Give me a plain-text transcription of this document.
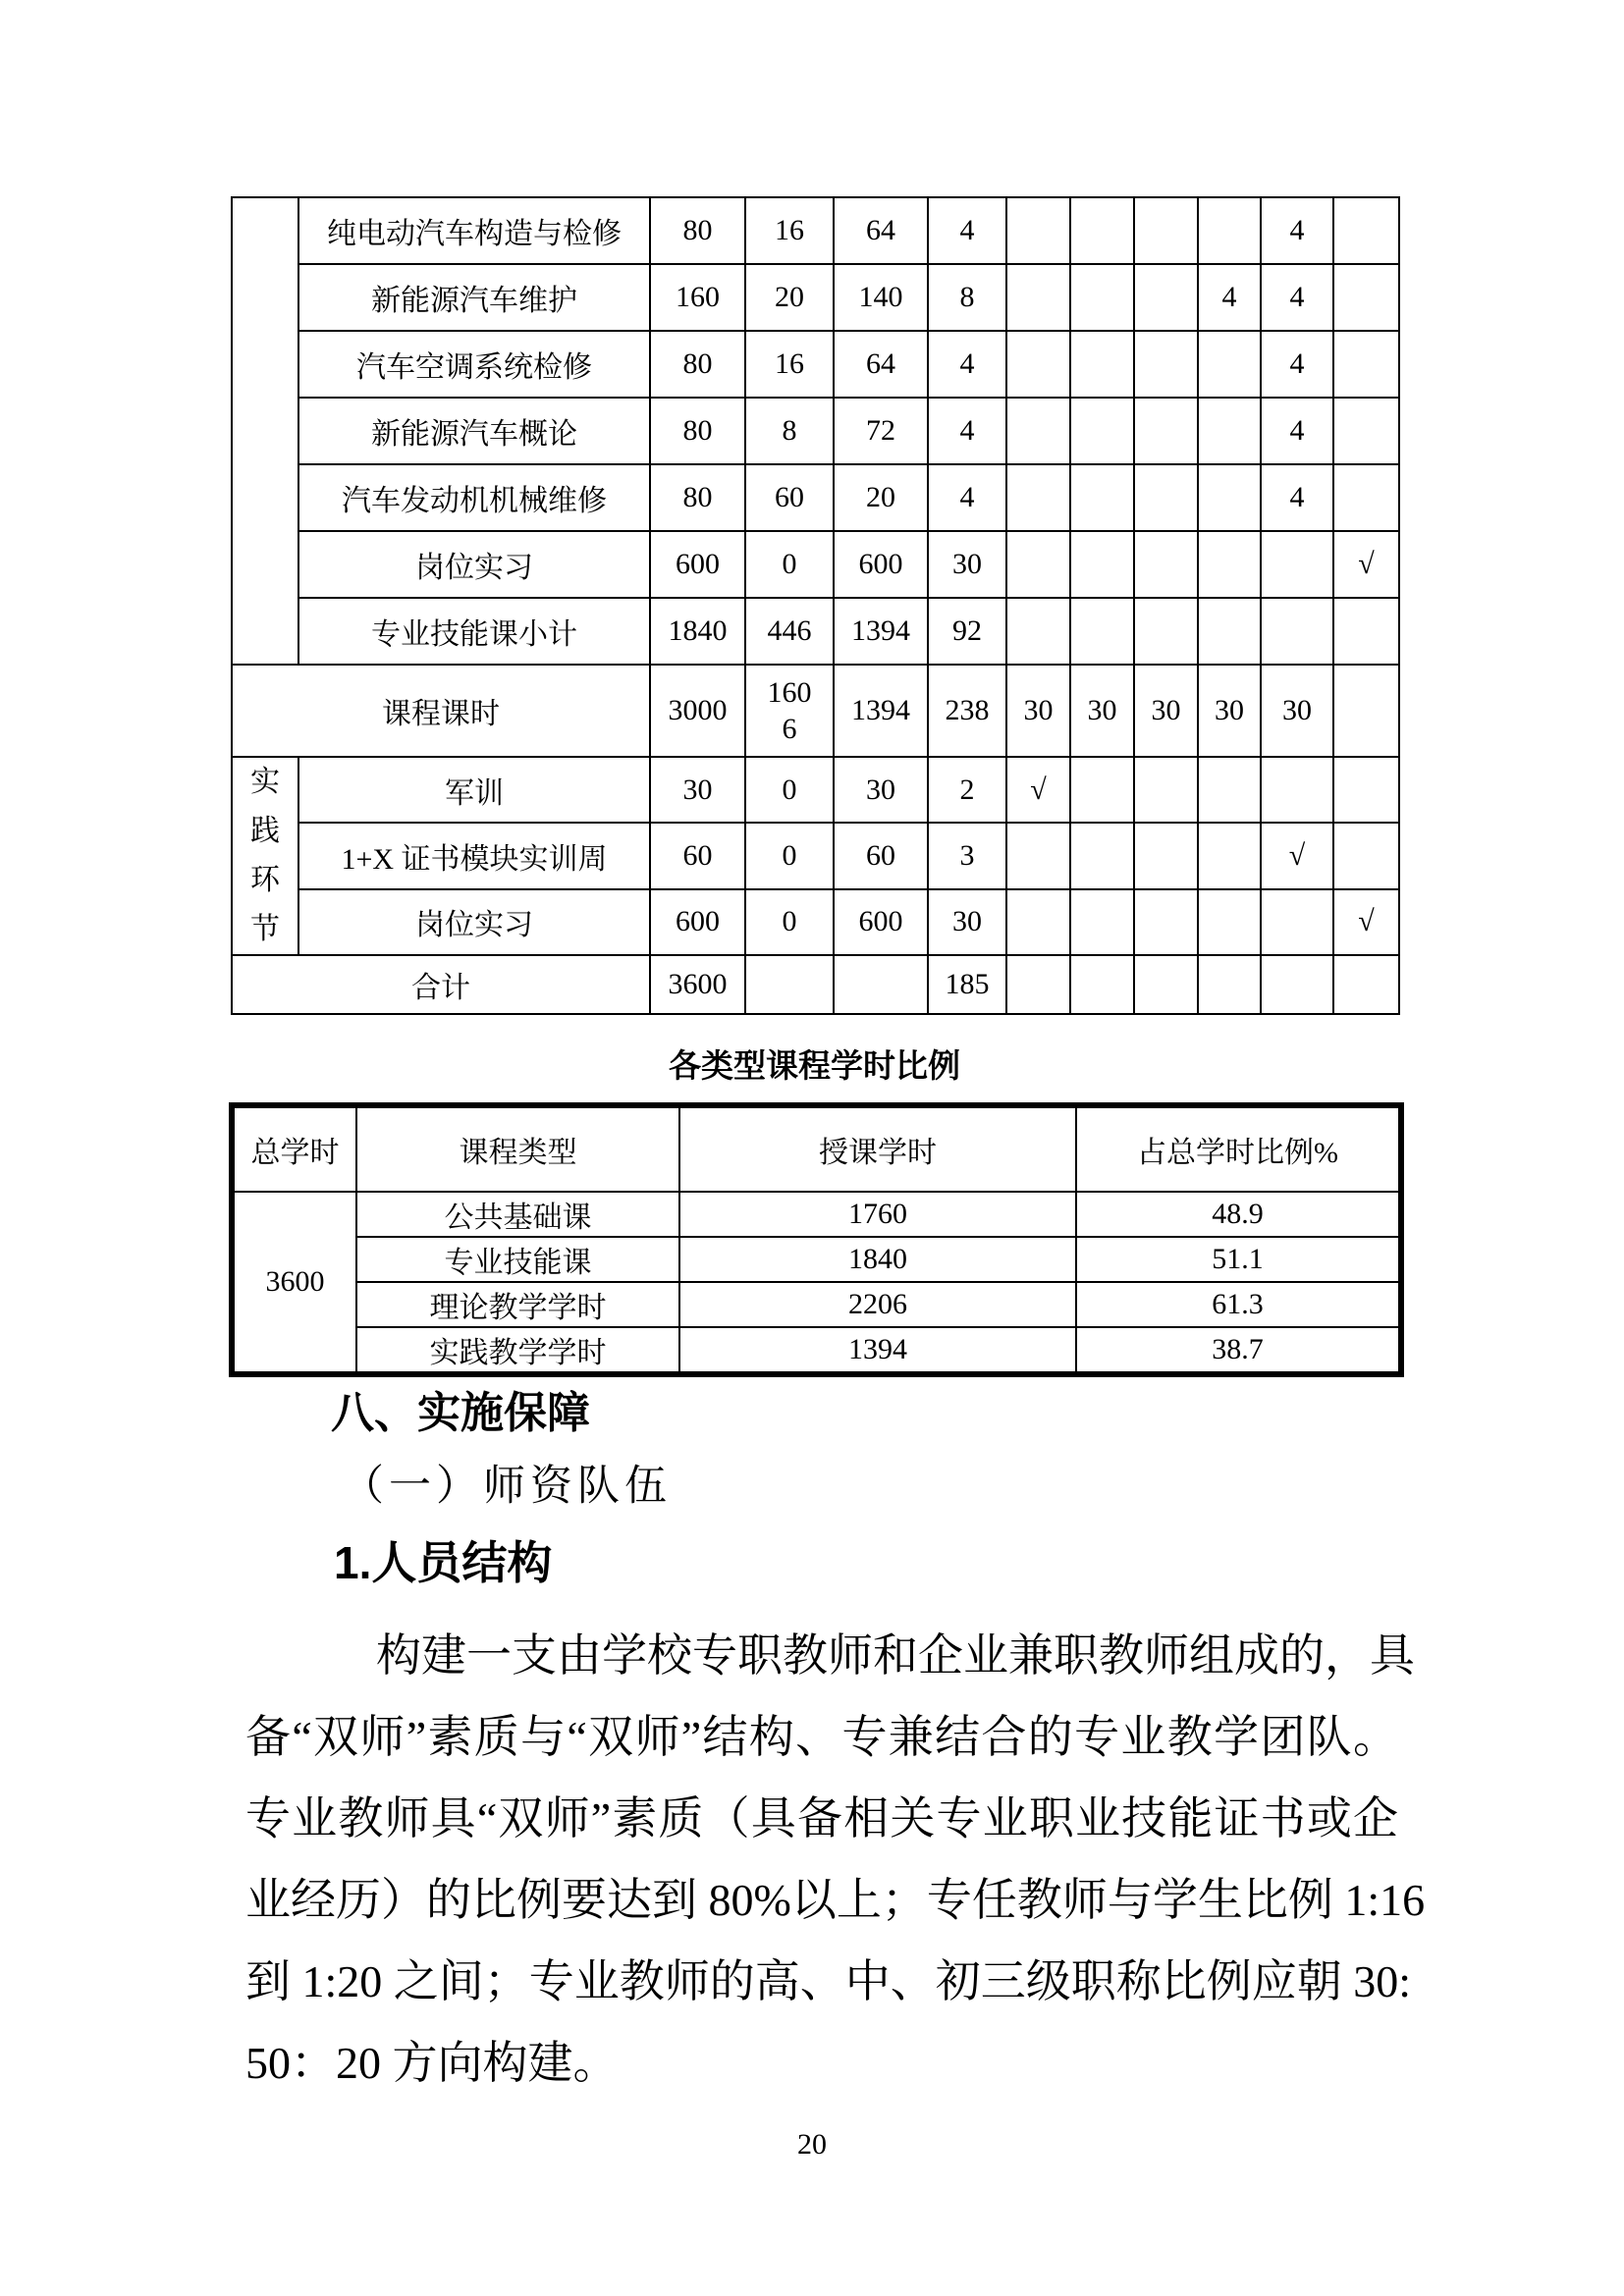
	纯电动汽车构造与检修	80	16	64	4					4	
	新能源汽车维护	160	20	140	8				4	4	
	汽车空调系统检修	80	16	64	4					4	
	新能源汽车概论	80	8	72	4					4	
	汽车发动机机械维修	80	60	20	4					4	
	岗位实习	600	0	600	30						√
	专业技能课小计	1840	446	1394	92						
课程课时		3000	1606	1394	238	30	30	30	30	30	
实践环节	军训	30	0	30	2	√					
	1+X 证书模块实训周	60	0	60	3					√	
	岗位实习	600	0	600	30						√
合计		3600			185						
各类型课程学时比例
总学时	课程类型	授课学时	占总学时比例%
3600	公共基础课	1760	48.9
	专业技能课	1840	51.1
	理论教学学时	2206	61.3
	实践教学学时	1394	38.7
八、实施保障
（一）师资队伍
1.人员结构
构建一支由学校专职教师和企业兼职教师组成的，具
备“双师”素质与“双师”结构、专兼结合的专业教学团队。
专业教师具“双师”素质（具备相关专业职业技能证书或企
业经历）的比例要达到 80%以上；专任教师与学生比例 1:16
到 1:20 之间；专业教师的高、中、初三级职称比例应朝 30:
50：20 方向构建。
20
